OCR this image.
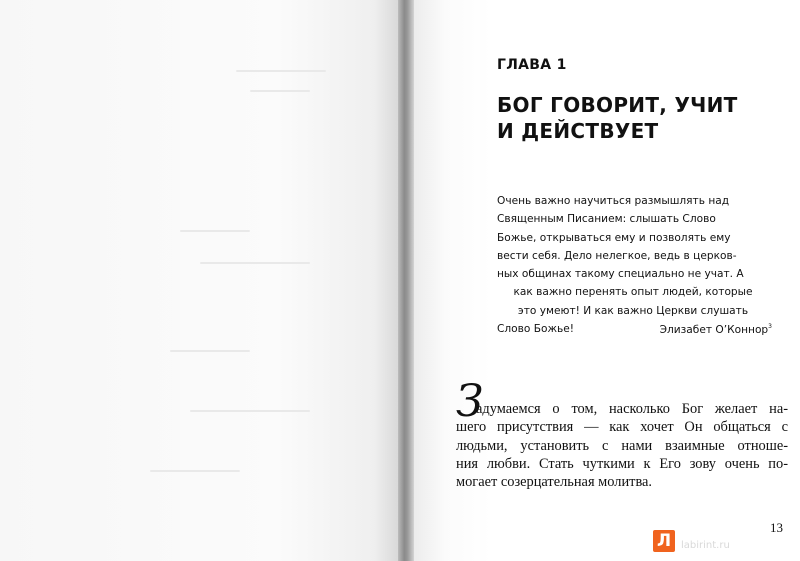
ГЛАВА 1
БОГ ГОВОРИТ, УЧИТ
И ДЕЙСТВУЕТ
Очень важно научиться размышлять над
Священным Писанием: слышать Слово
Божье, открываться ему и позволять ему
вести себя. Дело нелегкое, ведь в церков-
ных общинах такому специально не учат. А
как важно перенять опыт людей, которые
это умеют! И как важно Церкви слушать
Слово Божье!	Элизабет О’Коннор$^3$
З
адумаемся о том, насколько Бог желает на-
шего присутствия — как хочет Он общаться с
людьми, установить с нами взаимные отноше-
ния любви. Стать чуткими к Его зову очень по-
могает созерцательная молитва.
13
Л labirint.ru
